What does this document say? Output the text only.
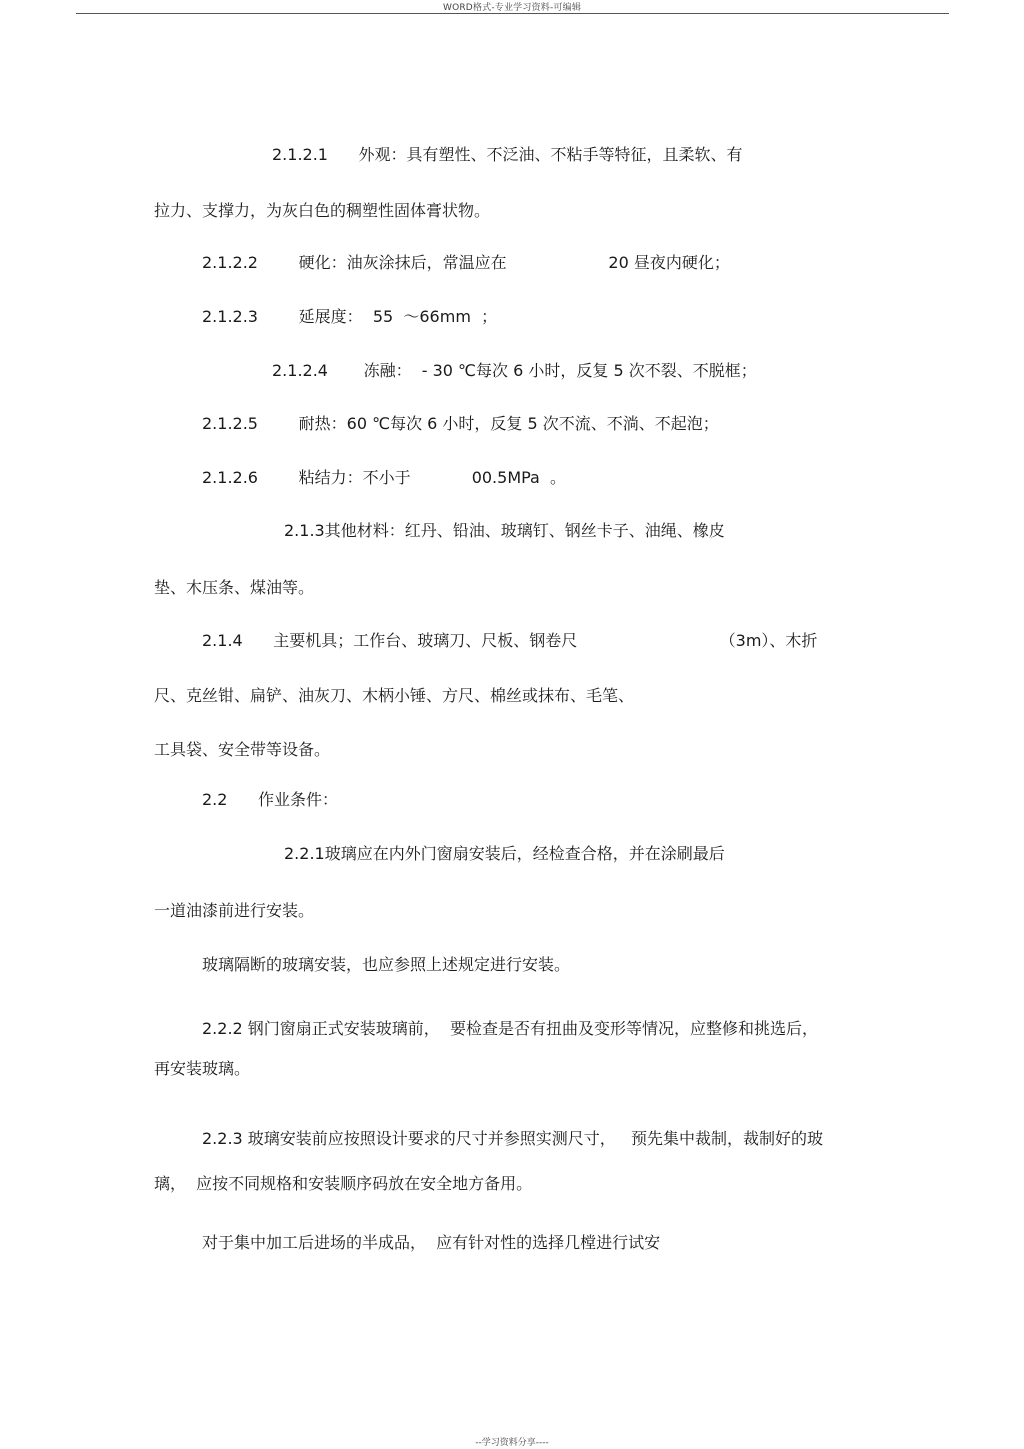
WORD格式-专业学习资料-可编辑
2.1.2.1      外观：具有塑性、不泛油、不粘手等特征，且柔软、有
拉力、支撑力，为灰白色的稠塑性固体膏状物。
2.1.2.2        硬化：油灰涂抹后，常温应在                    20 昼夜内硬化；
2.1.2.3        延展度：  55  ～66mm  ；
2.1.2.4       冻融：  - 30 ℃每次 6 小时，反复 5 次不裂、不脱框；
2.1.2.5        耐热：60 ℃每次 6 小时，反复 5 次不流、不淌、不起泡；
2.1.2.6        粘结力：不小于            00.5MPa  。
2.1.3其他材料：红丹、铅油、玻璃钉、钢丝卡子、油绳、橡皮
垫、木压条、煤油等。
2.1.4      主要机具；工作台、玻璃刀、尺板、钢卷尺                            （3m）、木折
尺、克丝钳、扁铲、油灰刀、木柄小锤、方尺、棉丝或抹布、毛笔、
工具袋、安全带等设备。
2.2      作业条件：
2.2.1玻璃应在内外门窗扇安装后，经检查合格，并在涂刷最后
一道油漆前进行安装。
玻璃隔断的玻璃安装，也应参照上述规定进行安装。
2.2.2 钢门窗扇正式安装玻璃前，  要检查是否有扭曲及变形等情况，应整修和挑选后，
再安装玻璃。
2.2.3 玻璃安装前应按照设计要求的尺寸并参照实测尺寸，   预先集中裁制，裁制好的玻
璃，  应按不同规格和安装顺序码放在安全地方备用。
对于集中加工后进场的半成品，  应有针对性的选择几樘进行试安
--学习资料分享----
